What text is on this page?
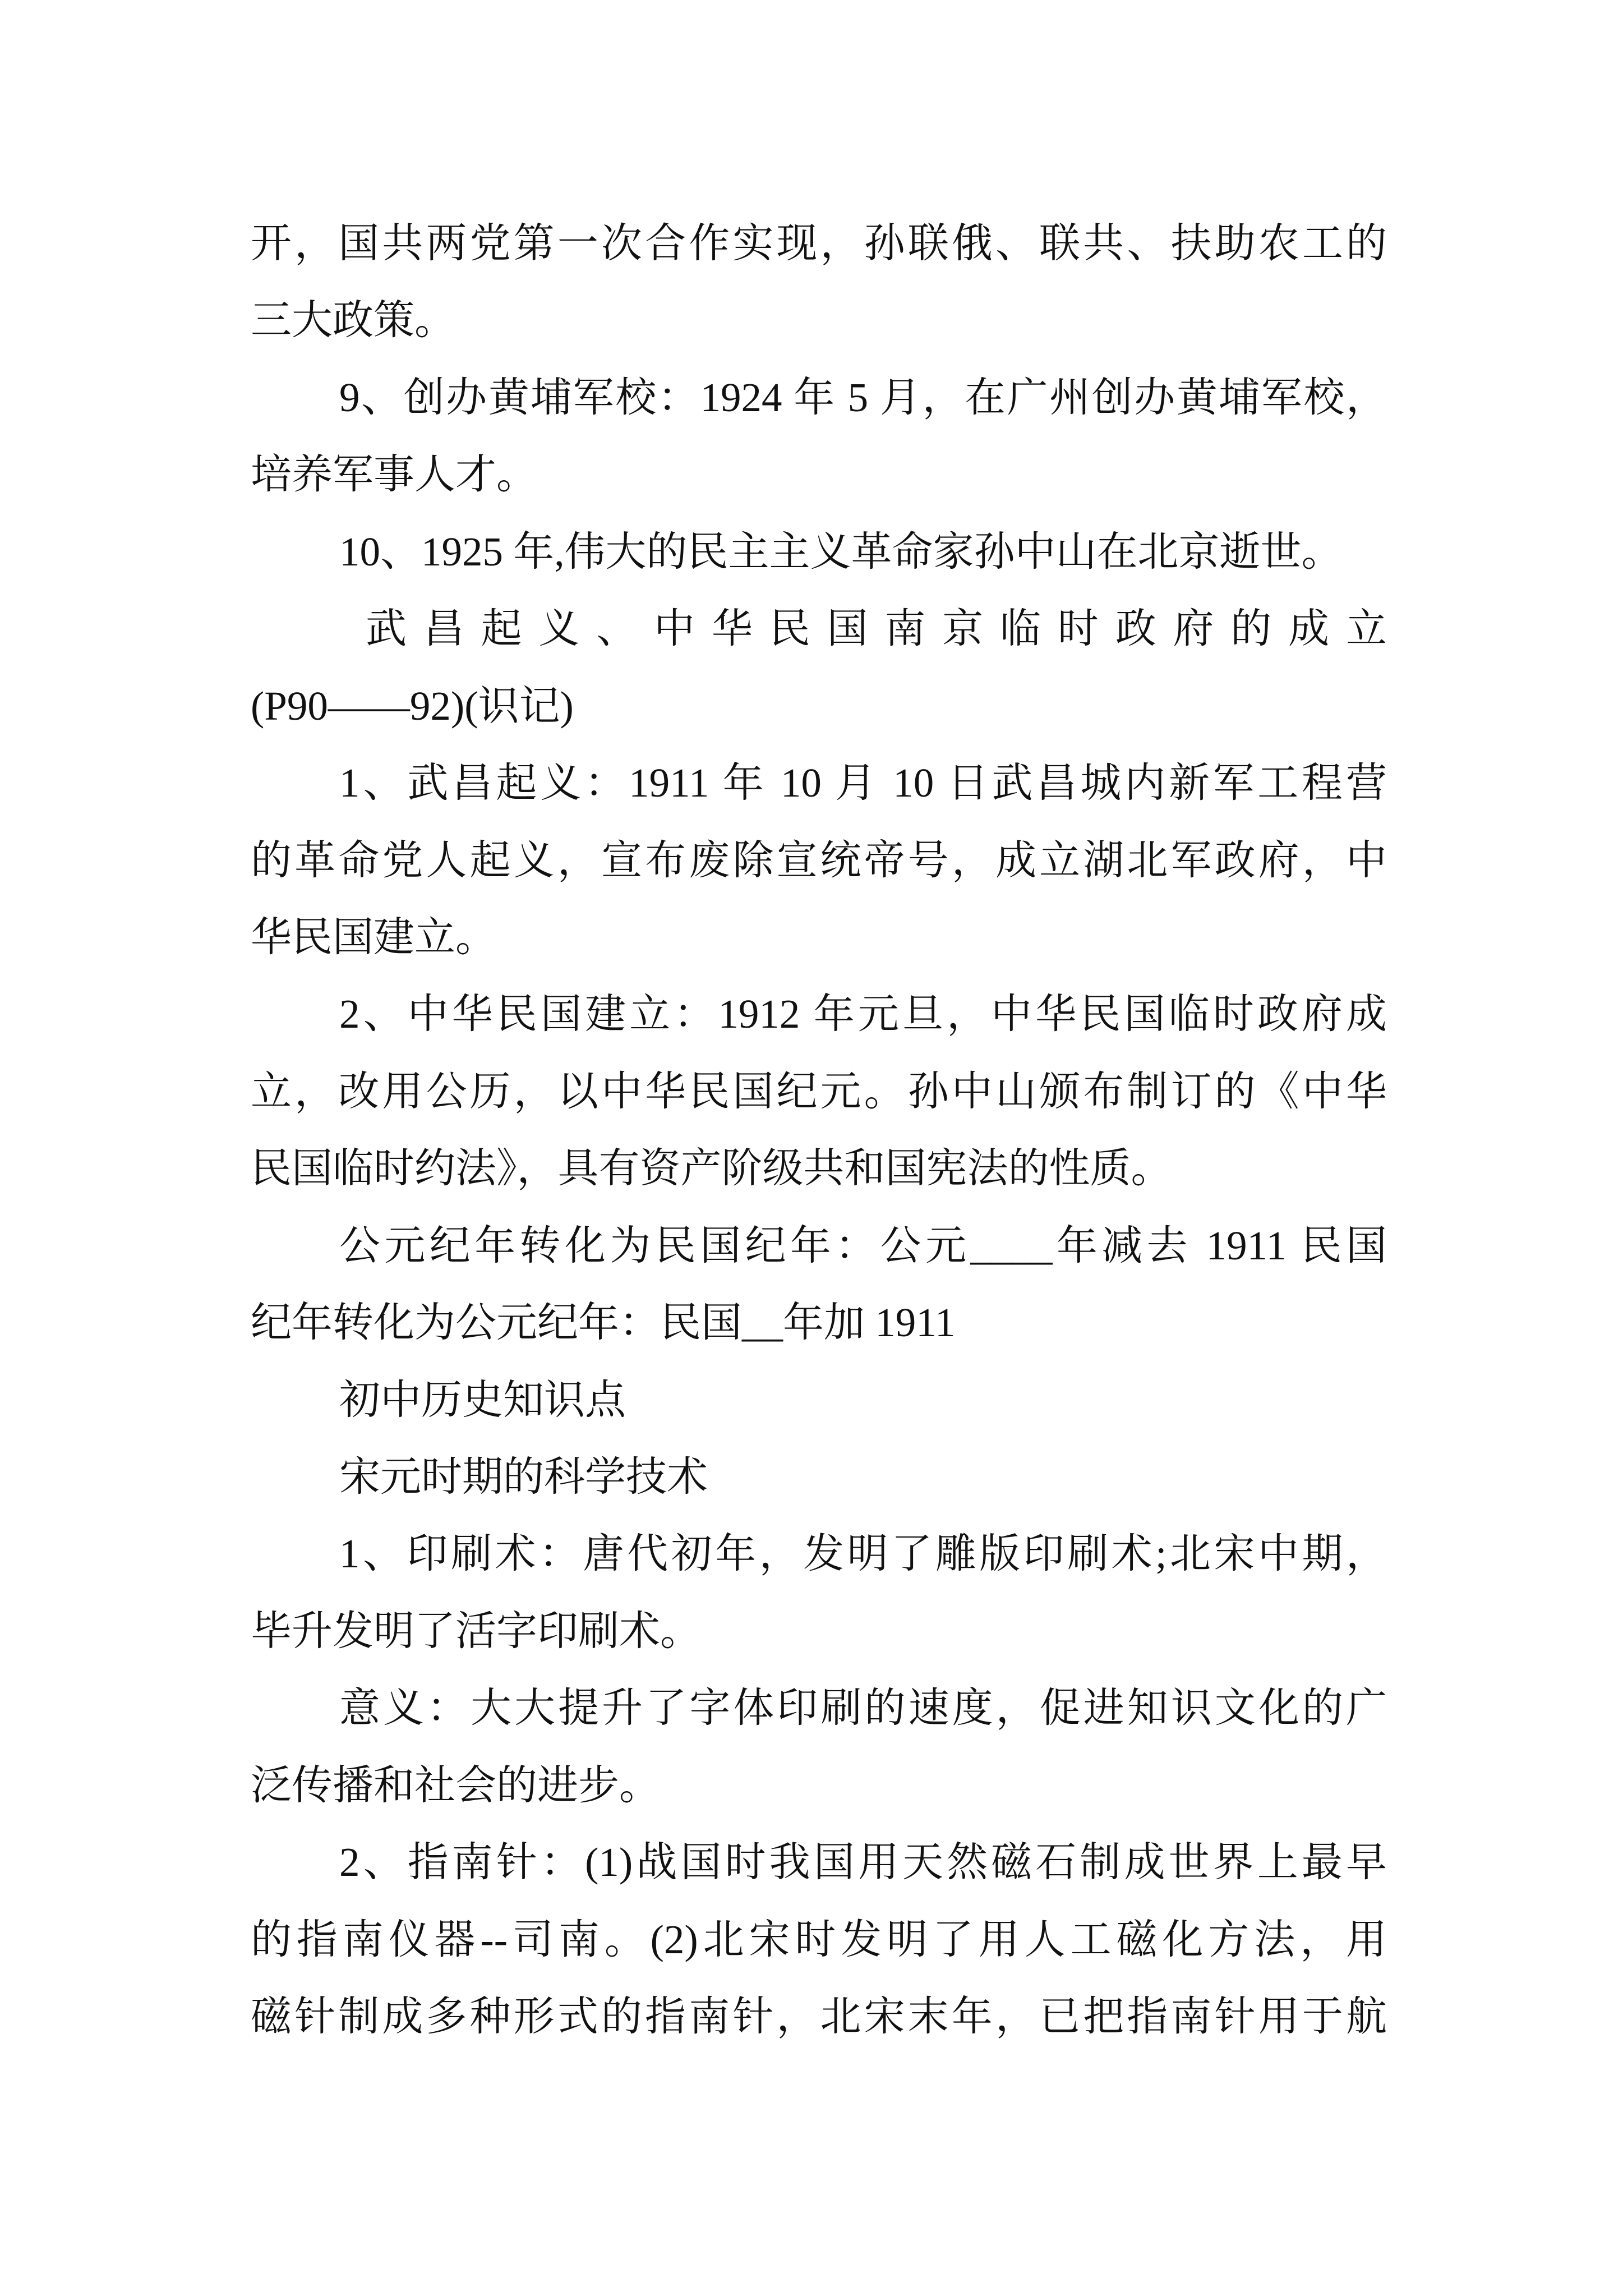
开，国共两党第一次合作实现，孙联俄、联共、扶助农工的
三大政策。
9、创办黄埔军校：1924 年 5 月，在广州创办黄埔军校，
培养军事人才。
10、1925 年,伟大的民主主义革命家孙中山在北京逝世。
武昌起义、中华民国南京临时政府的成立
(P90——92)(识记)
1、武昌起义：1911 年 10 月 10 日武昌城内新军工程营
的革命党人起义，宣布废除宣统帝号，成立湖北军政府，中
华民国建立。
2、中华民国建立：1912 年元旦，中华民国临时政府成
立，改用公历，以中华民国纪元。孙中山颁布制订的《中华
民国临时约法》，具有资产阶级共和国宪法的性质。
公元纪年转化为民国纪年：公元____年减去 1911 民国
纪年转化为公元纪年：民国__年加 1911
初中历史知识点
宋元时期的科学技术
1、印刷术：唐代初年，发明了雕版印刷术;北宋中期，
毕升发明了活字印刷术。
意义：大大提升了字体印刷的速度，促进知识文化的广
泛传播和社会的进步。
2、指南针：(1)战国时我国用天然磁石制成世界上最早
的指南仪器--司南。(2)北宋时发明了用人工磁化方法，用
磁针制成多种形式的指南针，北宋末年，已把指南针用于航
